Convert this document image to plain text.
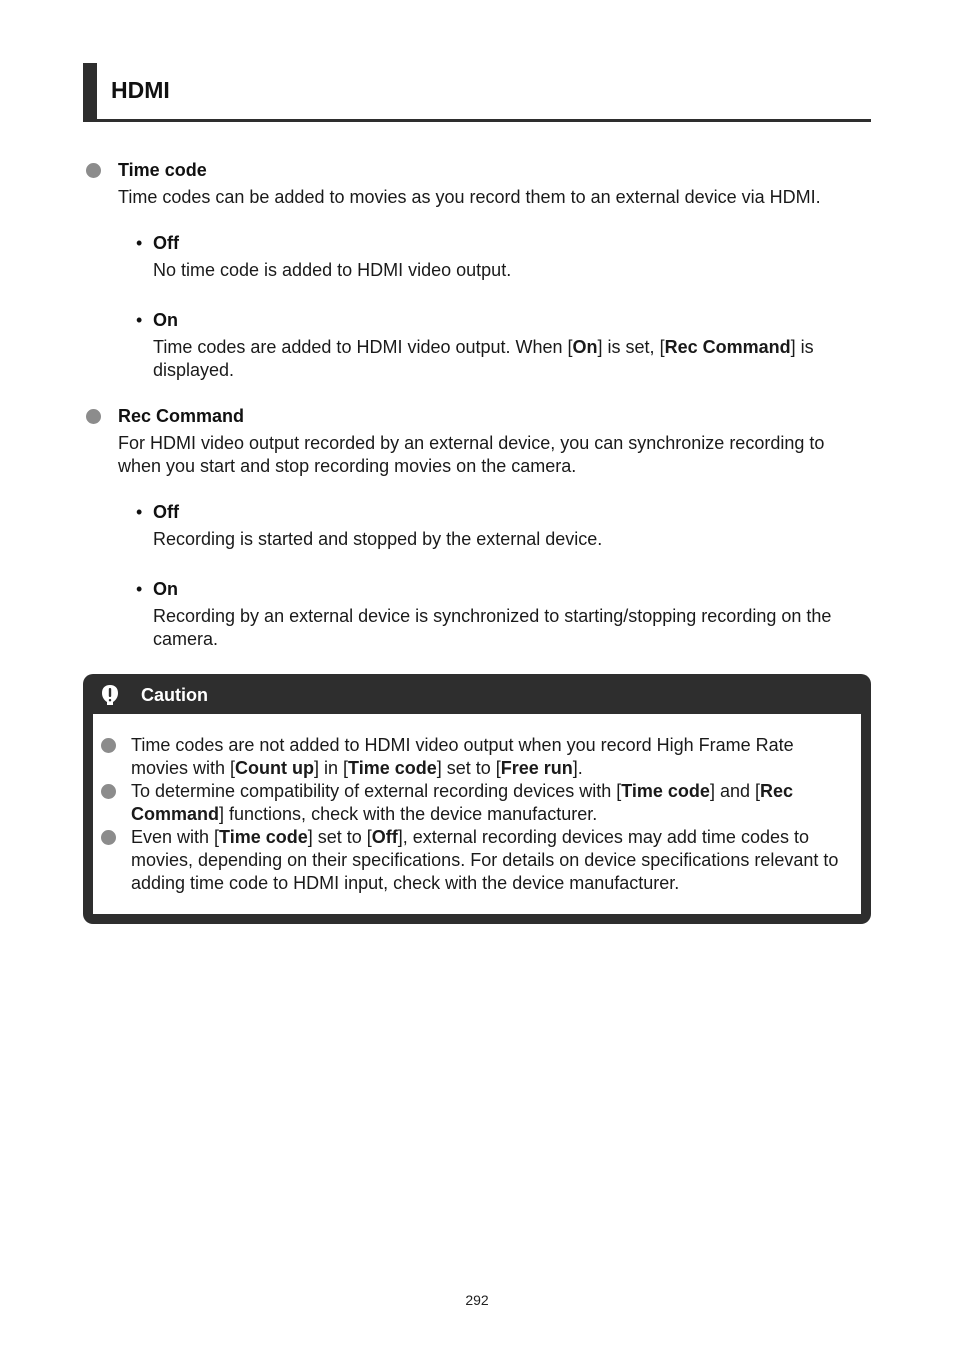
HDMI
Time code

Time codes can be added to movies as you record them to an external device via HDMI.

• Off

No time code is added to HDMI video output.

• On

Time codes are added to HDMI video output. When [On] is set, [Rec Command] is displayed.

Rec Command

For HDMI video output recorded by an external device, you can synchronize recording to when you start and stop recording movies on the camera.

• Off

Recording is started and stopped by the external device.

• On

Recording by an external device is synchronized to starting/stopping recording on the camera.

Caution

Time codes are not added to HDMI video output when you record High Frame Rate movies with [Count up] in [Time code] set to [Free run].

To determine compatibility of external recording devices with [Time code] and [Rec Command] functions, check with the device manufacturer.

Even with [Time code] set to [Off], external recording devices may add time codes to movies, depending on their specifications. For details on device specifications relevant to adding time code to HDMI input, check with the device manufacturer.

292
